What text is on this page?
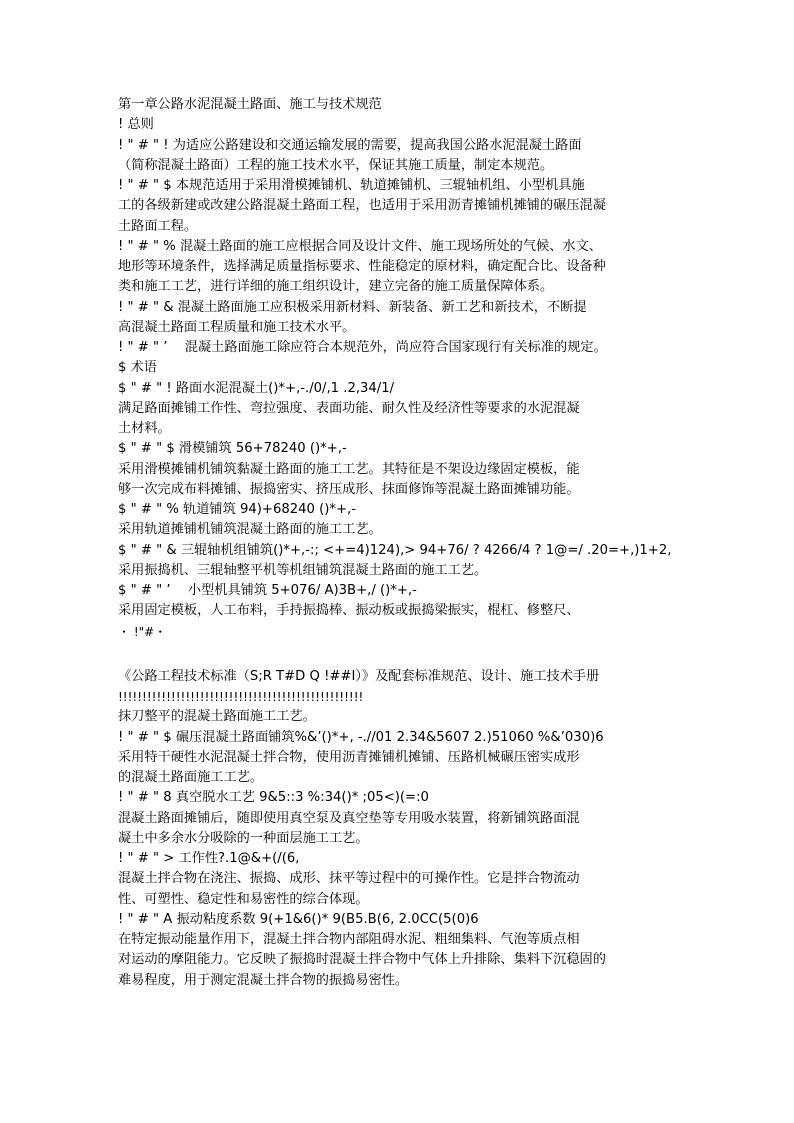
第一章公路水泥混凝土路面、施工与技术规范
! 总则
! " # " ! 为适应公路建设和交通运输发展的需要，提高我国公路水泥混凝土路面
（简称混凝土路面）工程的施工技术水平，保证其施工质量，制定本规范。
! " # " $ 本规范适用于采用滑模摊铺机、轨道摊铺机、三辊轴机组、小型机具施
工的各级新建或改建公路混凝土路面工程，也适用于采用沥青摊铺机摊铺的碾压混凝
土路面工程。
! " # " % 混凝土路面的施工应根据合同及设计文件、施工现场所处的气候、水文、
地形等环境条件，选择满足质量指标要求、性能稳定的原材料，确定配合比、设备种
类和施工工艺，进行详细的施工组织设计，建立完备的施工质量保障体系。
! " # " & 混凝土路面施工应积极采用新材料、新装备、新工艺和新技术，不断提
高混凝土路面工程质量和施工技术水平。
! " # " ’ 　混凝土路面施工除应符合本规范外，尚应符合国家现行有关标准的规定。
$ 术语
$ " # " ! 路面水泥混凝土()*+,-./0/,1 .2,34/1/
满足路面摊铺工作性、弯拉强度、表面功能、耐久性及经济性等要求的水泥混凝
土材料。
$ " # " $ 滑模铺筑 56+78240 ()*+,-
采用滑模摊铺机铺筑黏凝土路面的施工工艺。其特征是不架设边缘固定模板，能
够一次完成布料摊铺、振捣密实、挤压成形、抹面修饰等混凝土路面摊铺功能。
$ " # " % 轨道铺筑 94)+68240 ()*+,-
采用轨道摊铺机铺筑混凝土路面的施工工艺。
$ " # " & 三辊轴机组铺筑()*+,-:; <+=4)124),> 94+76/ ? 4266/4 ? 1@=/ .20=+,)1+2,
采用振捣机、三辊轴整平机等机组铺筑混凝土路面的施工工艺。
$ " # " ’ 　小型机具铺筑 5+076/ A)3B+,/ ()*+,-
采用固定模板，人工布料，手持振捣棒、振动板或振捣梁振实，棍杠、修整尺、
・ !"#・
《公路工程技术标准（S;R T#D Q !##I）》及配套标准规范、设计、施工技术手册
!!!!!!!!!!!!!!!!!!!!!!!!!!!!!!!!!!!!!!!!!!!!!!!!!!!
抹刀整平的混凝土路面施工工艺。
! " # " $ 碾压混凝土路面铺筑%&’()*+, -.//01 2.34&5607 2.)51060 %&’030)6
采用特干硬性水泥混凝土拌合物，使用沥青摊铺机摊铺、压路机械碾压密实成形
的混凝土路面施工工艺。
! " # " 8 真空脱水工艺 9&5::3 %:34()* ;05<)(=:0
混凝土路面摊铺后，随即使用真空泵及真空垫等专用吸水装置，将新铺筑路面混
凝土中多余水分吸除的一种面层施工工艺。
! " # " > 工作性?.1@&+(/(6,
混凝土拌合物在浇注、振捣、成形、抹平等过程中的可操作性。它是拌合物流动
性、可塑性、稳定性和易密性的综合体现。
! " # " A 振动粘度系数 9(+1&6()* 9(B5.B(6, 2.0CC(5(0)6
在特定振动能量作用下，混凝土拌合物内部阻碍水泥、粗细集料、气泡等质点相
对运动的摩阻能力。它反映了振捣时混凝土拌合物中气体上升排除、集料下沉稳固的
难易程度，用于测定混凝土拌合物的振捣易密性。
